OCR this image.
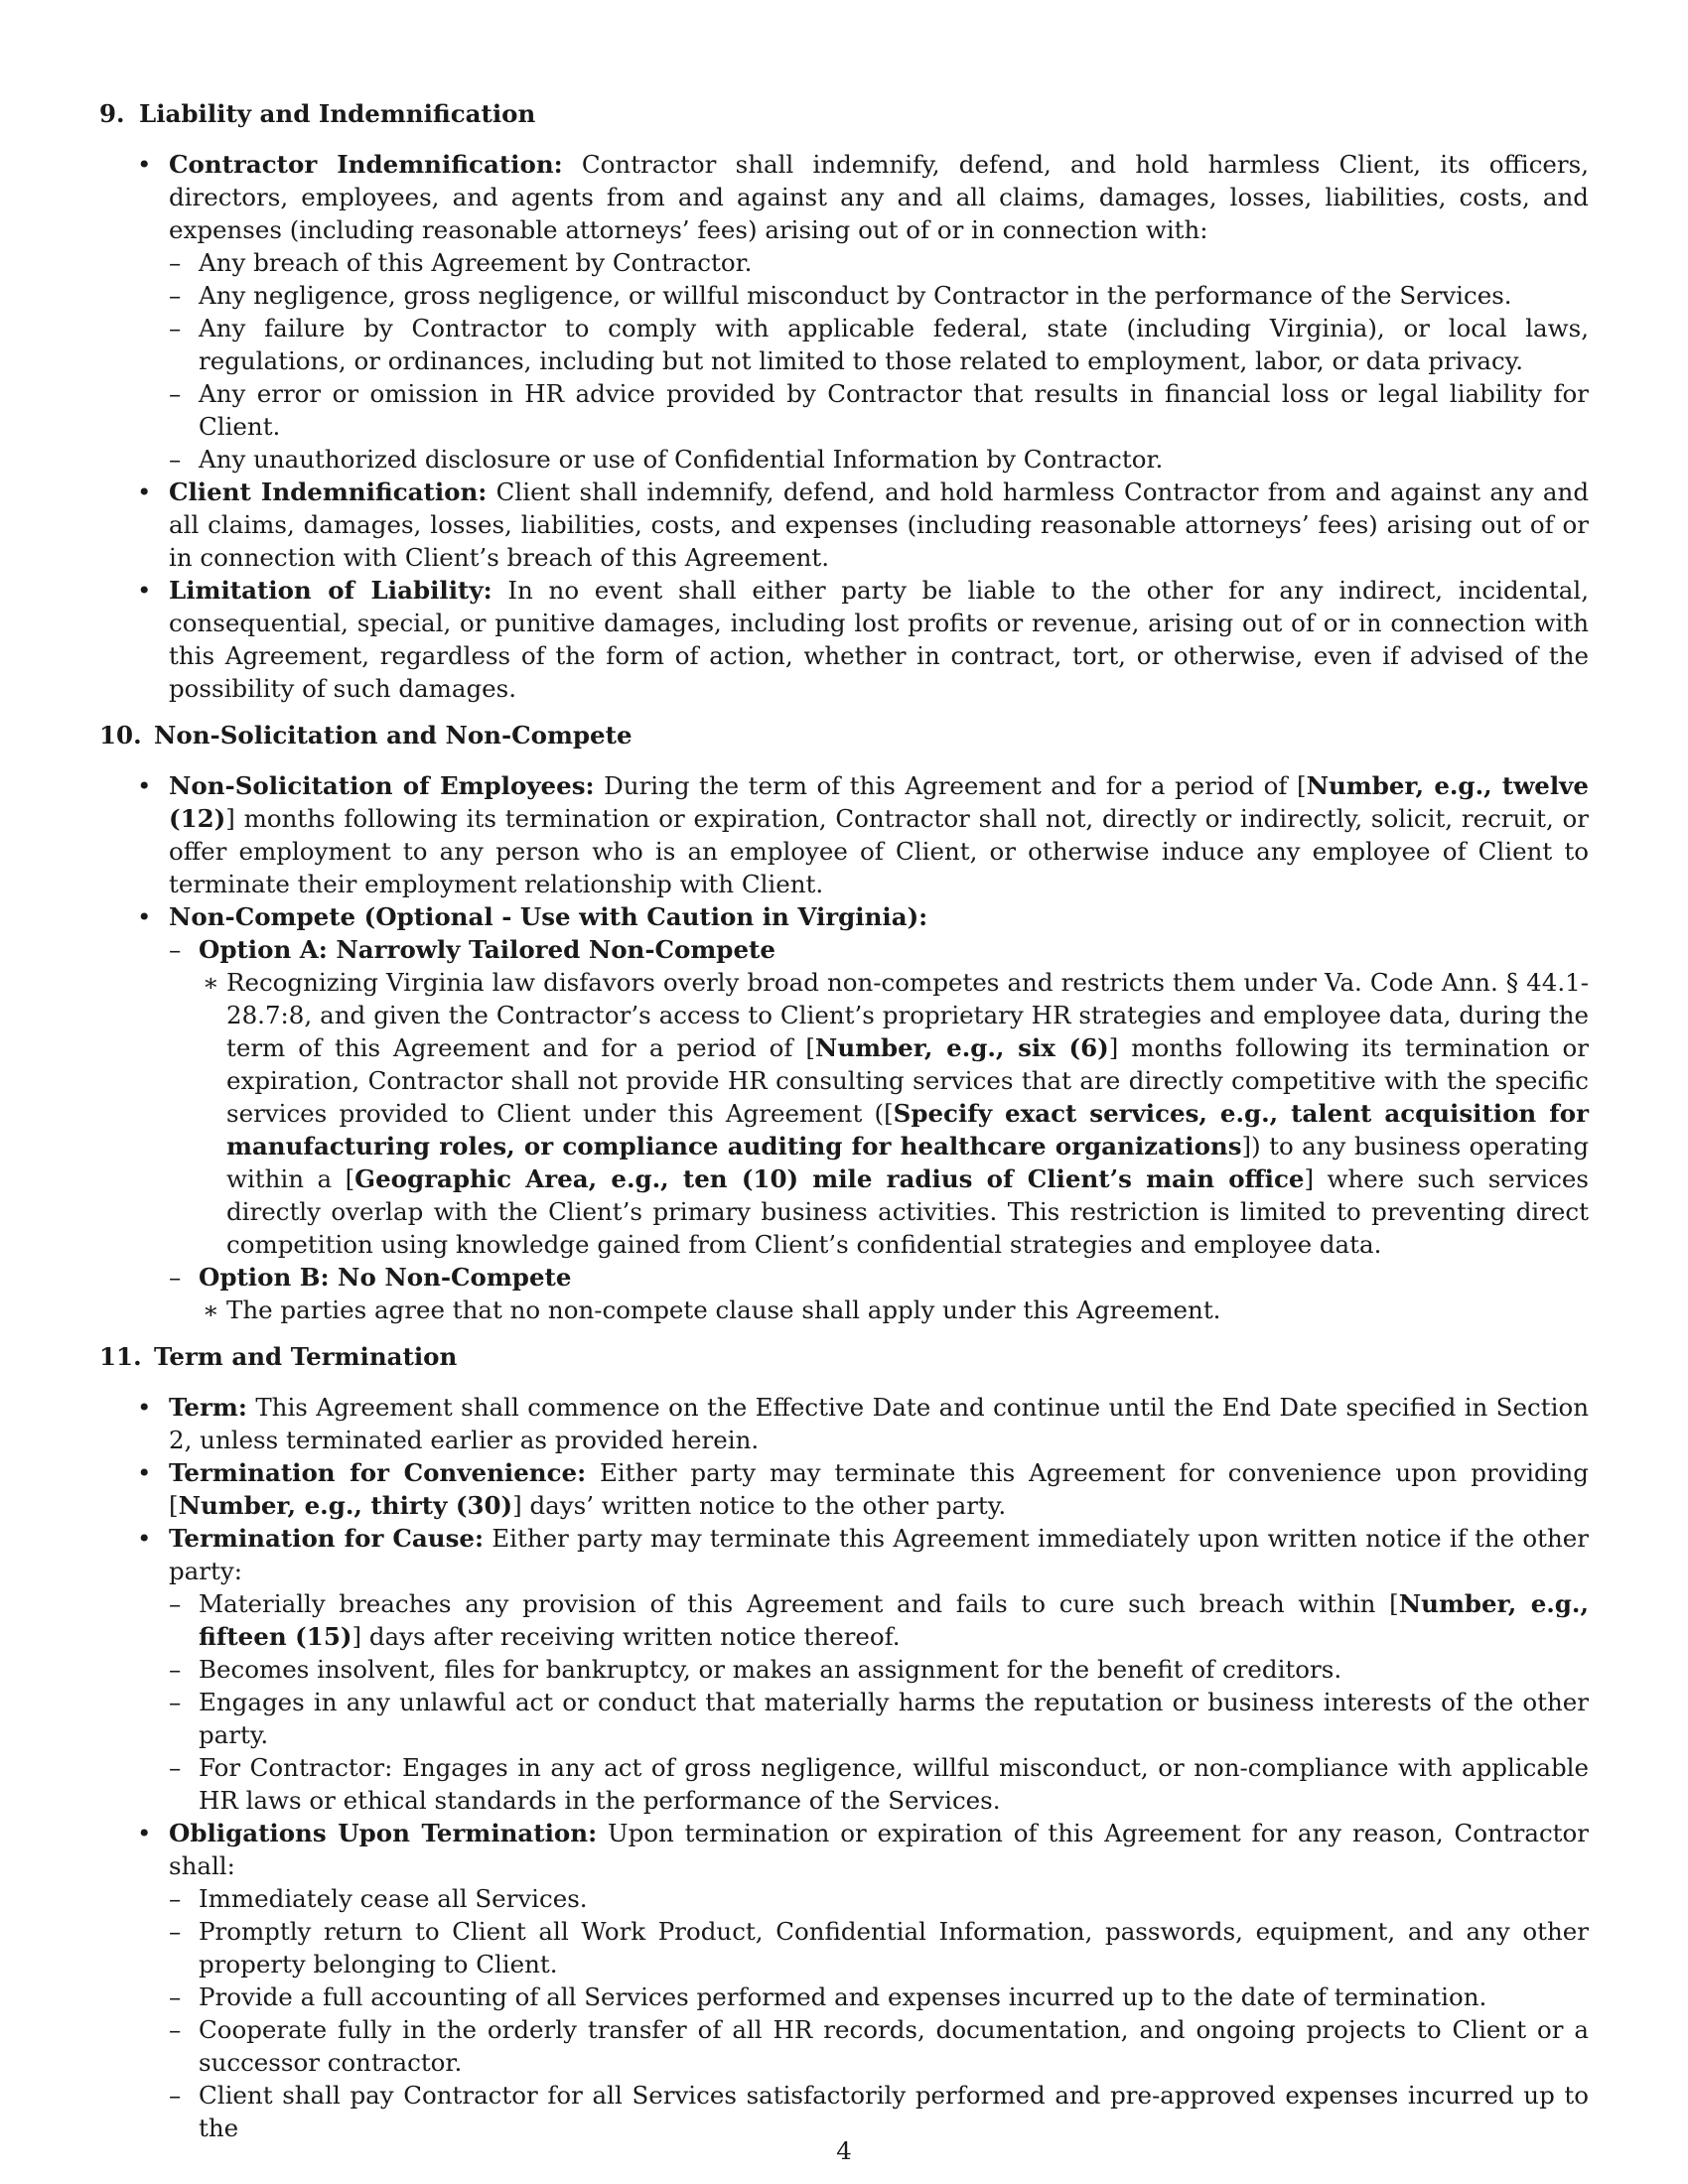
9. Liability and Indemnification
• Contractor Indemnification: Contractor shall indemnify, defend, and hold harmless Client, its officers, directors, employees, and agents from and against any and all claims, damages, losses, liabilities, costs, and expenses (including reasonable attorneys’ fees) arising out of or in connection with:
– Any breach of this Agreement by Contractor.
– Any negligence, gross negligence, or willful misconduct by Contractor in the performance of the Services.
– Any failure by Contractor to comply with applicable federal, state (including Virginia), or local laws, regulations, or ordinances, including but not limited to those related to employment, labor, or data privacy.
– Any error or omission in HR advice provided by Contractor that results in financial loss or legal liability for Client.
– Any unauthorized disclosure or use of Confidential Information by Contractor.
• Client Indemnification: Client shall indemnify, defend, and hold harmless Contractor from and against any and all claims, damages, losses, liabilities, costs, and expenses (including reasonable attorneys’ fees) arising out of or in connection with Client’s breach of this Agreement.
• Limitation of Liability: In no event shall either party be liable to the other for any indirect, incidental, consequential, special, or punitive damages, including lost profits or revenue, arising out of or in connection with this Agreement, regardless of the form of action, whether in contract, tort, or otherwise, even if advised of the possibility of such damages.
10. Non-Solicitation and Non-Compete
• Non-Solicitation of Employees: During the term of this Agreement and for a period of [Number, e.g., twelve (12)] months following its termination or expiration, Contractor shall not, directly or indirectly, solicit, recruit, or offer employment to any person who is an employee of Client, or otherwise induce any employee of Client to terminate their employment relationship with Client.
• Non-Compete (Optional - Use with Caution in Virginia):
– Option A: Narrowly Tailored Non-Compete
∗ Recognizing Virginia law disfavors overly broad non-competes and restricts them under Va. Code Ann. § 44.1-28.7:8, and given the Contractor’s access to Client’s proprietary HR strategies and employee data, during the term of this Agreement and for a period of [Number, e.g., six (6)] months following its termination or expiration, Contractor shall not provide HR consulting services that are directly competitive with the specific services provided to Client under this Agreement ([Specify exact services, e.g., talent acquisition for manufacturing roles, or compliance auditing for healthcare organizations]) to any business operating within a [Geographic Area, e.g., ten (10) mile radius of Client’s main office] where such services directly overlap with the Client’s primary business activities. This restriction is limited to preventing direct competition using knowledge gained from Client’s confidential strategies and employee data.
– Option B: No Non-Compete
∗ The parties agree that no non-compete clause shall apply under this Agreement.
11. Term and Termination
• Term: This Agreement shall commence on the Effective Date and continue until the End Date specified in Section 2, unless terminated earlier as provided herein.
• Termination for Convenience: Either party may terminate this Agreement for convenience upon providing [Number, e.g., thirty (30)] days’ written notice to the other party.
• Termination for Cause: Either party may terminate this Agreement immediately upon written notice if the other party:
– Materially breaches any provision of this Agreement and fails to cure such breach within [Number, e.g., fifteen (15)] days after receiving written notice thereof.
– Becomes insolvent, files for bankruptcy, or makes an assignment for the benefit of creditors.
– Engages in any unlawful act or conduct that materially harms the reputation or business interests of the other party.
– For Contractor: Engages in any act of gross negligence, willful misconduct, or non-compliance with applicable HR laws or ethical standards in the performance of the Services.
• Obligations Upon Termination: Upon termination or expiration of this Agreement for any reason, Contractor shall:
– Immediately cease all Services.
– Promptly return to Client all Work Product, Confidential Information, passwords, equipment, and any other property belonging to Client.
– Provide a full accounting of all Services performed and expenses incurred up to the date of termination.
– Cooperate fully in the orderly transfer of all HR records, documentation, and ongoing projects to Client or a successor contractor.
– Client shall pay Contractor for all Services satisfactorily performed and pre-approved expenses incurred up to the
4
